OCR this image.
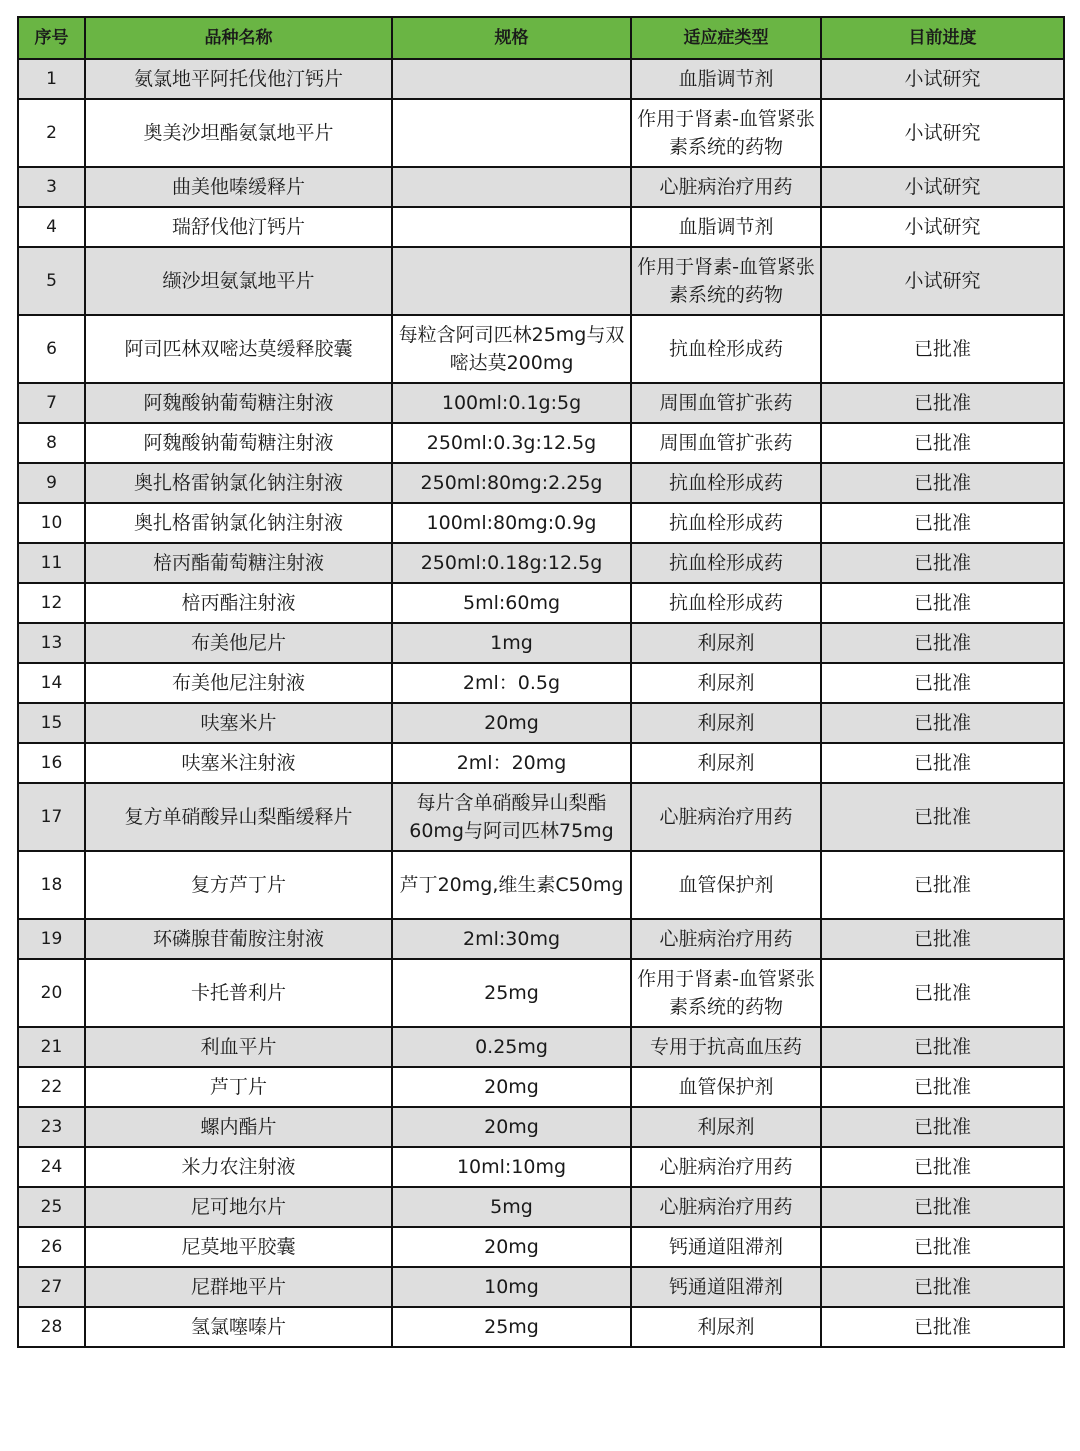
序号	品种名称	规格	适应症类型	目前进度
1	氨氯地平阿托伐他汀钙片		血脂调节剂	小试研究
2	奥美沙坦酯氨氯地平片		作用于肾素-血管紧张素系统的药物	小试研究
3	曲美他嗪缓释片		心脏病治疗用药	小试研究
4	瑞舒伐他汀钙片		血脂调节剂	小试研究
5	缬沙坦氨氯地平片		作用于肾素-血管紧张素系统的药物	小试研究
6	阿司匹林双嘧达莫缓释胶囊	每粒含阿司匹林25mg与双嘧达莫200mg	抗血栓形成药	已批准
7	阿魏酸钠葡萄糖注射液	100ml:0.1g:5g	周围血管扩张药	已批准
8	阿魏酸钠葡萄糖注射液	250ml:0.3g:12.5g	周围血管扩张药	已批准
9	奥扎格雷钠氯化钠注射液	250ml:80mg:2.25g	抗血栓形成药	已批准
10	奥扎格雷钠氯化钠注射液	100ml:80mg:0.9g	抗血栓形成药	已批准
11	棓丙酯葡萄糖注射液	250ml:0.18g:12.5g	抗血栓形成药	已批准
12	棓丙酯注射液	5ml:60mg	抗血栓形成药	已批准
13	布美他尼片	1mg	利尿剂	已批准
14	布美他尼注射液	2ml：0.5g	利尿剂	已批准
15	呋塞米片	20mg	利尿剂	已批准
16	呋塞米注射液	2ml：20mg	利尿剂	已批准
17	复方单硝酸异山梨酯缓释片	每片含单硝酸异山梨酯60mg与阿司匹林75mg	心脏病治疗用药	已批准
18	复方芦丁片	芦丁20mg,维生素C50mg	血管保护剂	已批准
19	环磷腺苷葡胺注射液	2ml:30mg	心脏病治疗用药	已批准
20	卡托普利片	25mg	作用于肾素-血管紧张素系统的药物	已批准
21	利血平片	0.25mg	专用于抗高血压药	已批准
22	芦丁片	20mg	血管保护剂	已批准
23	螺内酯片	20mg	利尿剂	已批准
24	米力农注射液	10ml:10mg	心脏病治疗用药	已批准
25	尼可地尔片	5mg	心脏病治疗用药	已批准
26	尼莫地平胶囊	20mg	钙通道阻滞剂	已批准
27	尼群地平片	10mg	钙通道阻滞剂	已批准
28	氢氯噻嗪片	25mg	利尿剂	已批准
